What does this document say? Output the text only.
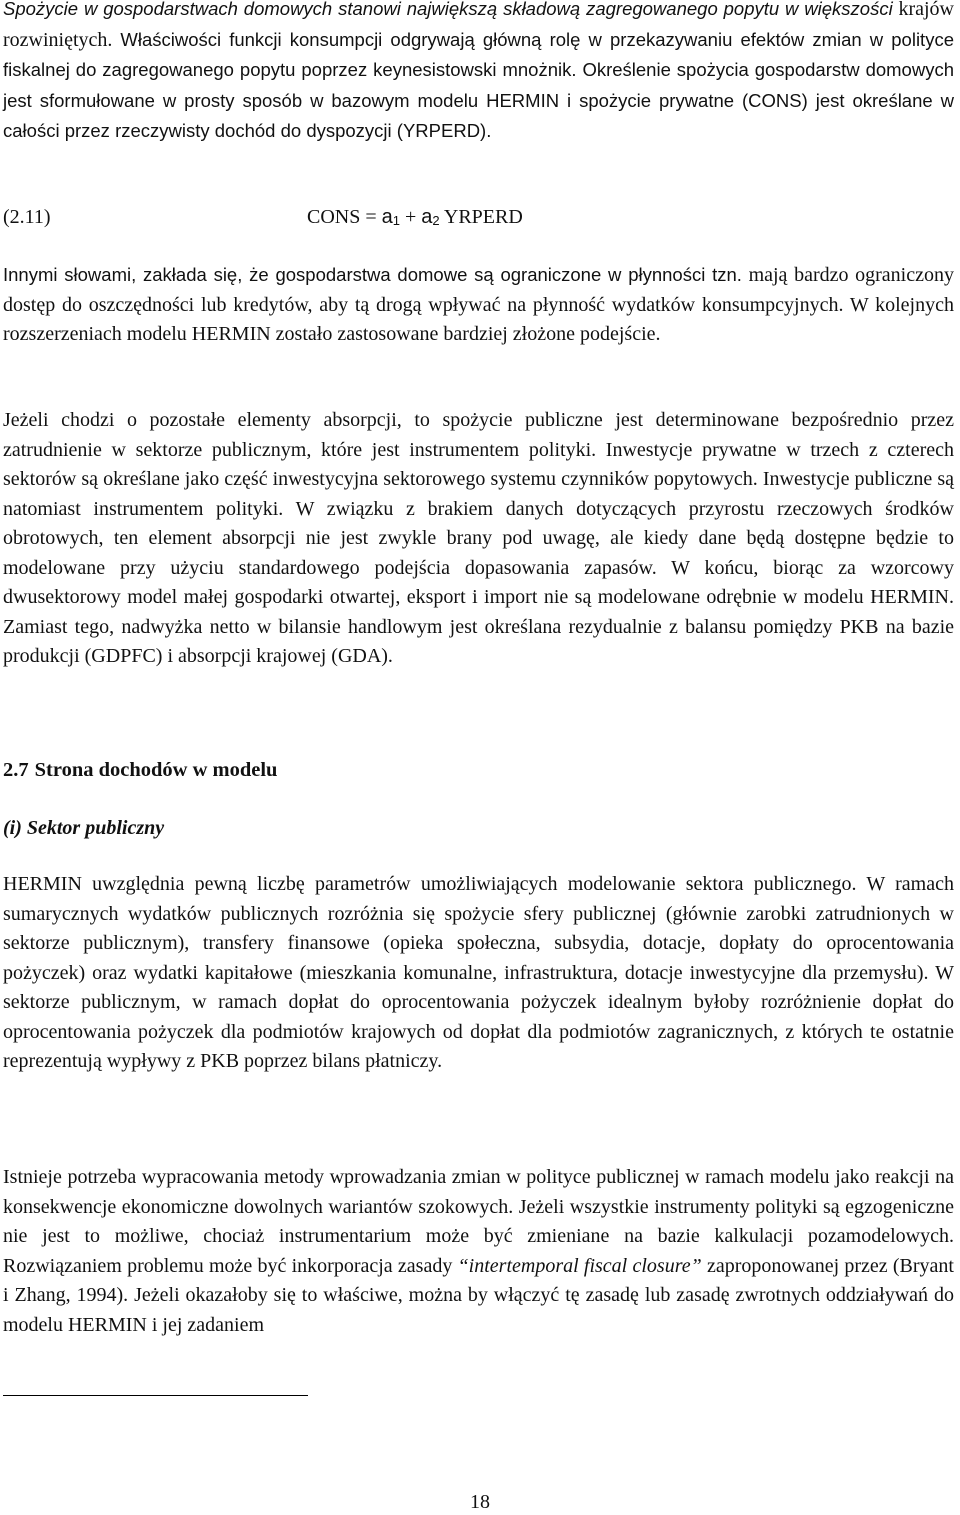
Spożycie w gospodarstwach domowych stanowi największą składową zagregowanego popytu w większości krajów rozwiniętych. Właściwości funkcji konsumpcji odgrywają główną rolę w przekazywaniu efektów zmian w polityce fiskalnej do zagregowanego popytu poprzez keynesistowski mnożnik. Określenie spożycia gospodarstw domowych jest sformułowane w prosty sposób w bazowym modelu HERMIN i spożycie prywatne (CONS) jest określane w całości przez rzeczywisty dochód do dyspozycji (YRPERD).

(2.11)	CONS = $a_1 + a_2$ YRPERD

Innymi słowami, zakłada się, że gospodarstwa domowe są ograniczone w płynności tzn. mają bardzo ograniczony dostęp do oszczędności lub kredytów, aby tą drogą wpływać na płynność wydatków konsumpcyjnych. W kolejnych rozszerzeniach modelu HERMIN zostało zastosowane bardziej złożone podejście.

Jeżeli chodzi o pozostałe elementy absorpcji, to spożycie publiczne jest determinowane bezpośrednio przez zatrudnienie w sektorze publicznym, które jest instrumentem polityki. Inwestycje prywatne w trzech z czterech sektorów są określane jako część inwestycyjna sektorowego systemu czynników popytowych. Inwestycje publiczne są natomiast instrumentem polityki. W związku z brakiem danych dotyczących przyrostu rzeczowych środków obrotowych, ten element absorpcji nie jest zwykle brany pod uwagę, ale kiedy dane będą dostępne będzie to modelowane przy użyciu standardowego podejścia dopasowania zapasów. W końcu, biorąc za wzorcowy dwusektorowy model małej gospodarki otwartej, eksport i import nie są modelowane odrębnie w modelu HERMIN. Zamiast tego, nadwyżka netto w bilansie handlowym jest określana rezydualnie z balansu pomiędzy PKB na bazie produkcji (GDPFC) i absorpcji krajowej (GDA).

2.7 Strona dochodów w modelu
(i) Sektor publiczny

HERMIN uwzględnia pewną liczbę parametrów umożliwiających modelowanie sektora publicznego. W ramach sumarycznych wydatków publicznych rozróżnia się spożycie sfery publicznej (głównie zarobki zatrudnionych w sektorze publicznym), transfery finansowe (opieka społeczna, subsydia, dotacje, dopłaty do oprocentowania pożyczek) oraz wydatki kapitałowe (mieszkania komunalne, infrastruktura, dotacje inwestycyjne dla przemysłu). W sektorze publicznym, w ramach dopłat do oprocentowania pożyczek idealnym byłoby rozróżnienie dopłat do oprocentowania pożyczek dla podmiotów krajowych od dopłat dla podmiotów zagranicznych, z których te ostatnie reprezentują wypływy z PKB poprzez bilans płatniczy.

Istnieje potrzeba wypracowania metody wprowadzania zmian w polityce publicznej w ramach modelu jako reakcji na konsekwencje ekonomiczne dowolnych wariantów szokowych. Jeżeli wszystkie instrumenty polityki są egzogeniczne nie jest to możliwe, chociaż instrumentarium może być zmieniane na bazie kalkulacji pozamodelowych. Rozwiązaniem problemu może być inkorporacja zasady “intertemporal fiscal closure” zaproponowanej przez (Bryant i Zhang, 1994). Jeżeli okazałoby się to właściwe, można by włączyć tę zasadę lub zasadę zwrotnych oddziaływań do modelu HERMIN i jej zadaniem

18
